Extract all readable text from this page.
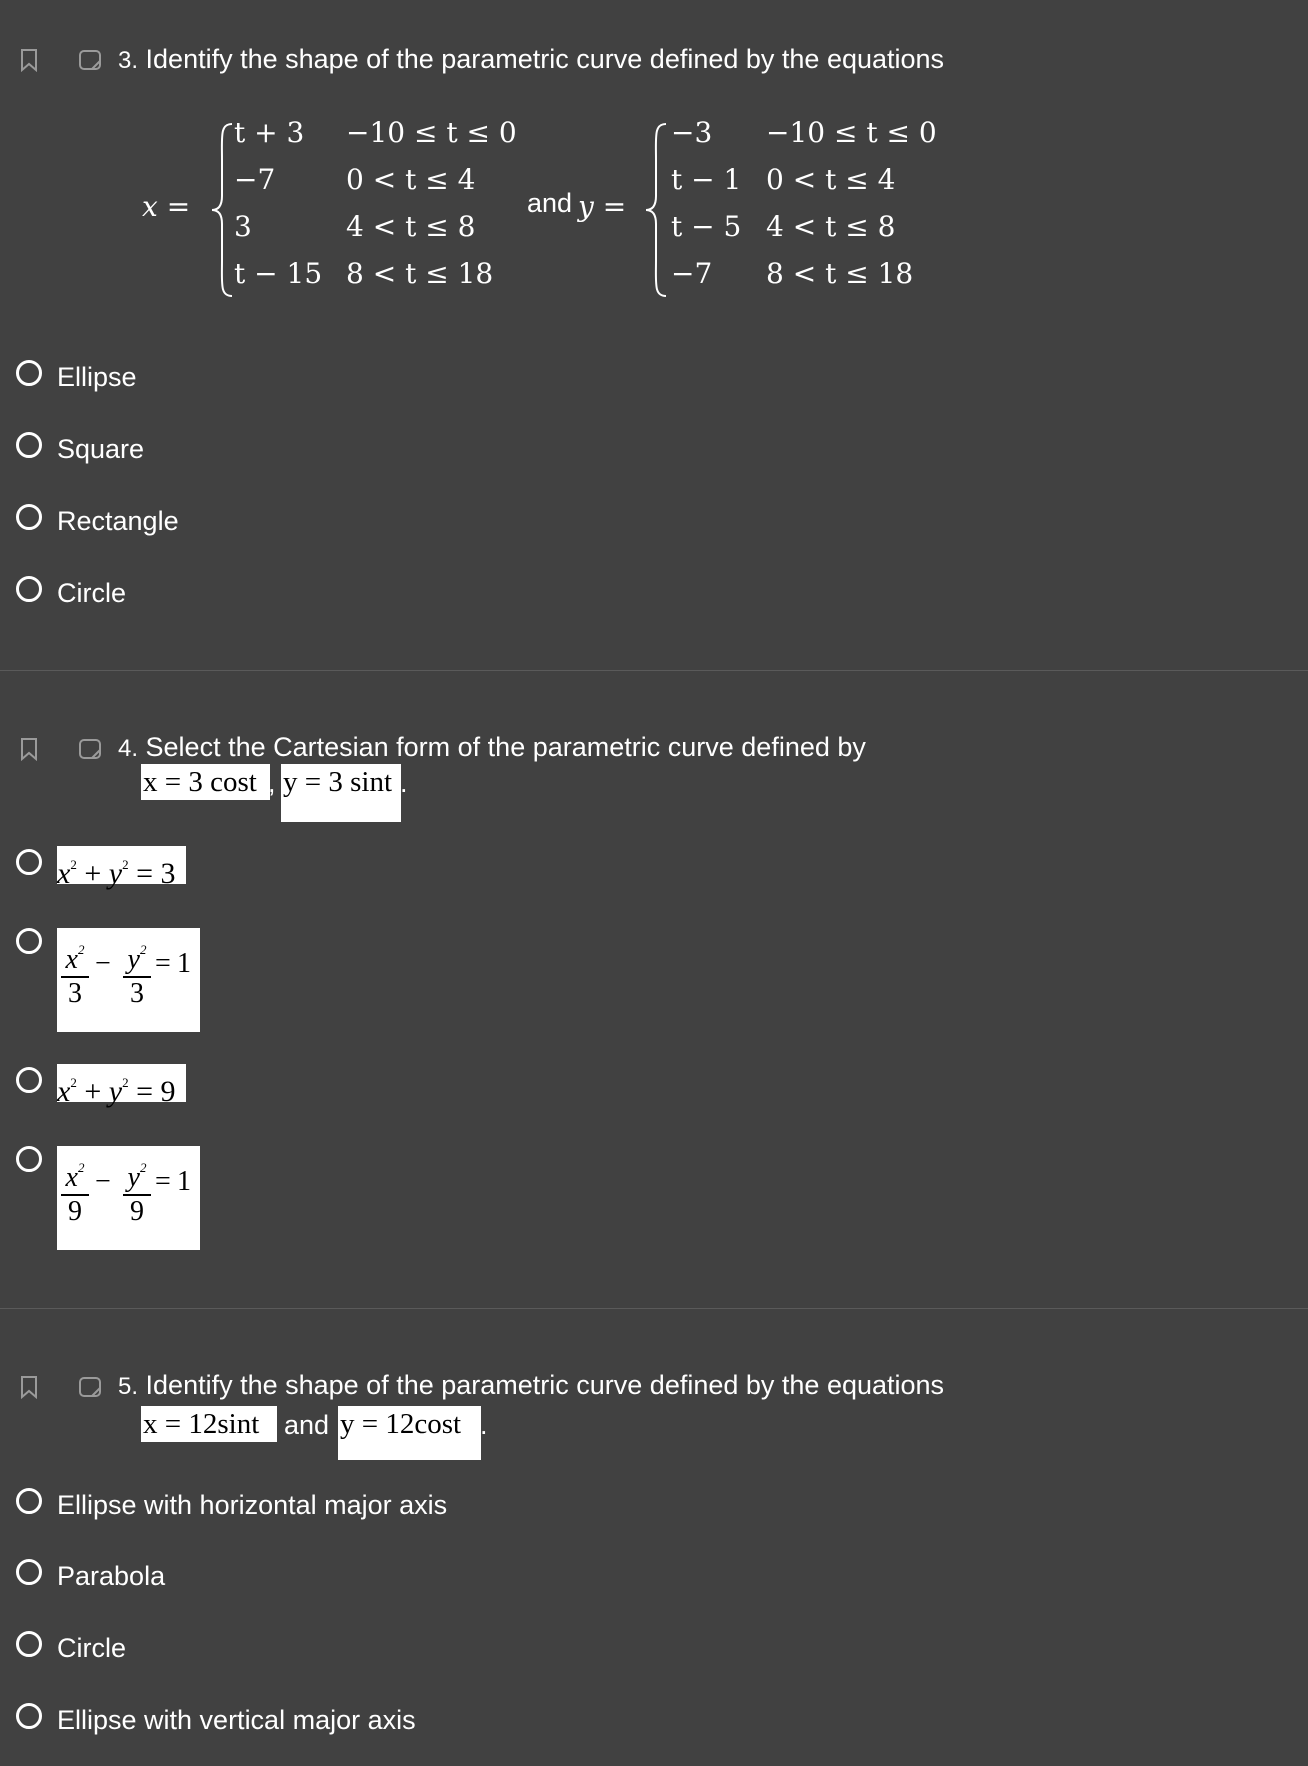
3. Identify the shape of the parametric curve defined by the equations
x =
t + 3 −10 ≤ t ≤ 0
−7	0 < t ≤ 4
3	4 < t ≤ 8
t − 15 8 < t ≤ 18
and y =
−3 −10 ≤ t ≤ 0
t − 1 0 < t ≤ 4
t − 5 4 < t ≤ 8
−7 8 < t ≤ 18
Ellipse
Square
Rectangle
Circle
4. Select the Cartesian form of the parametric curve defined by
x = 3 cost , y = 3 sint .
$x^2 + y^2 = 3$
$x^2$
3
− $y^2$
3
= 1
$x^2 + y^2 = 9$
$x^2$
9
− $y^2$
9
= 1
5. Identify the shape of the parametric curve defined by the equations
x = 12sint and y = 12cost .
Ellipse with horizontal major axis
Parabola
Circle
Ellipse with vertical major axis
